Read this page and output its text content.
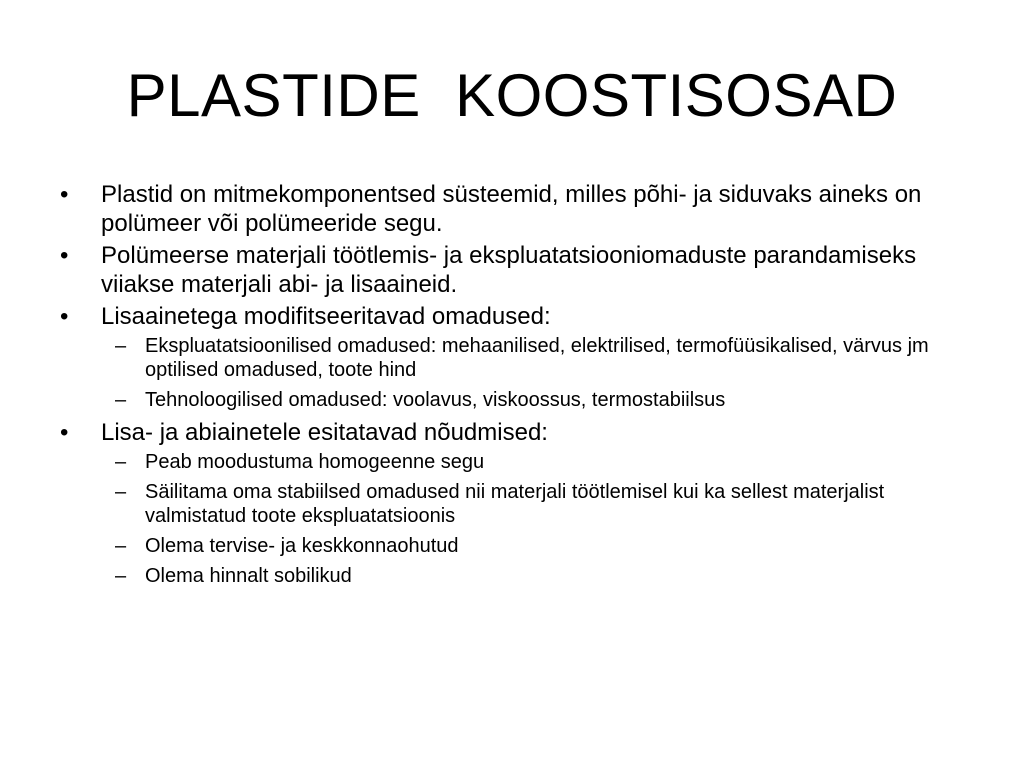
PLASTIDE  KOOSTISOSAD
•	Plastid on mitmekomponentsed süsteemid, milles põhi- ja siduvaks aineks on polümeer või polümeeride segu.
•	Polümeerse materjali töötlemis- ja ekspluatatsiooniomaduste parandamiseks viiakse materjali abi- ja lisaaineid.
•	Lisaainetega modifitseeritavad omadused:
– Ekspluatatsioonilised omadused: mehaanilised, elektrilised, termofüüsikalised, värvus jm optilised omadused, toote hind
– Tehnoloogilised omadused: voolavus, viskoossus, termostabiilsus
•	Lisa- ja abiainetele esitatavad nõudmised:
– Peab moodustuma homogeenne segu
– Säilitama oma stabiilsed omadused nii materjali töötlemisel kui ka sellest materjalist valmistatud toote ekspluatatsioonis
– Olema tervise- ja keskkonnaohutud
– Olema hinnalt sobilikud
